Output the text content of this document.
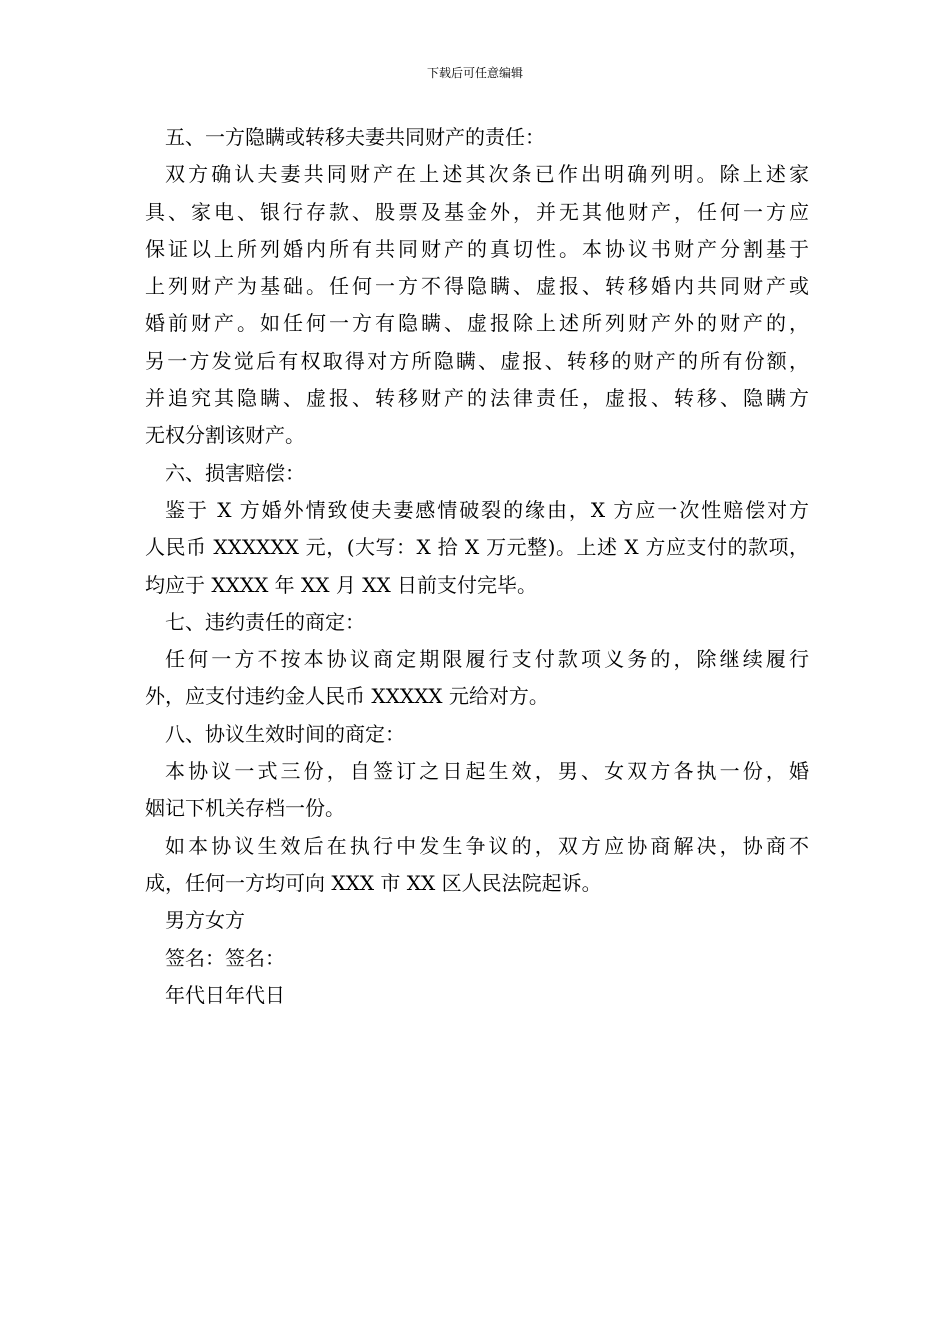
下载后可任意编辑
五、一方隐瞒或转移夫妻共同财产的责任：
双方确认夫妻共同财产在上述其次条已作出明确列明。除上述家
具、家电、银行存款、股票及基金外，并无其他财产，任何一方应
保证以上所列婚内所有共同财产的真切性。本协议书财产分割基于
上列财产为基础。任何一方不得隐瞒、虚报、转移婚内共同财产或
婚前财产。如任何一方有隐瞒、虚报除上述所列财产外的财产的，
另一方发觉后有权取得对方所隐瞒、虚报、转移的财产的所有份额，
并追究其隐瞒、虚报、转移财产的法律责任，虚报、转移、隐瞒方
无权分割该财产。
六、损害赔偿：
鉴于 X 方婚外情致使夫妻感情破裂的缘由，X 方应一次性赔偿对方
人民币 XXXXXX 元，(大写：X 拾 X 万元整)。上述 X 方应支付的款项，
均应于 XXXX 年 XX 月 XX 日前支付完毕。
七、违约责任的商定：
任何一方不按本协议商定期限履行支付款项义务的，除继续履行
外，应支付违约金人民币 XXXXX 元给对方。
八、协议生效时间的商定：
本协议一式三份，自签订之日起生效，男、女双方各执一份，婚
姻记下机关存档一份。
如本协议生效后在执行中发生争议的，双方应协商解决，协商不
成，任何一方均可向 XXX 市 XX 区人民法院起诉。
男方女方
签名：签名：
年代日年代日
